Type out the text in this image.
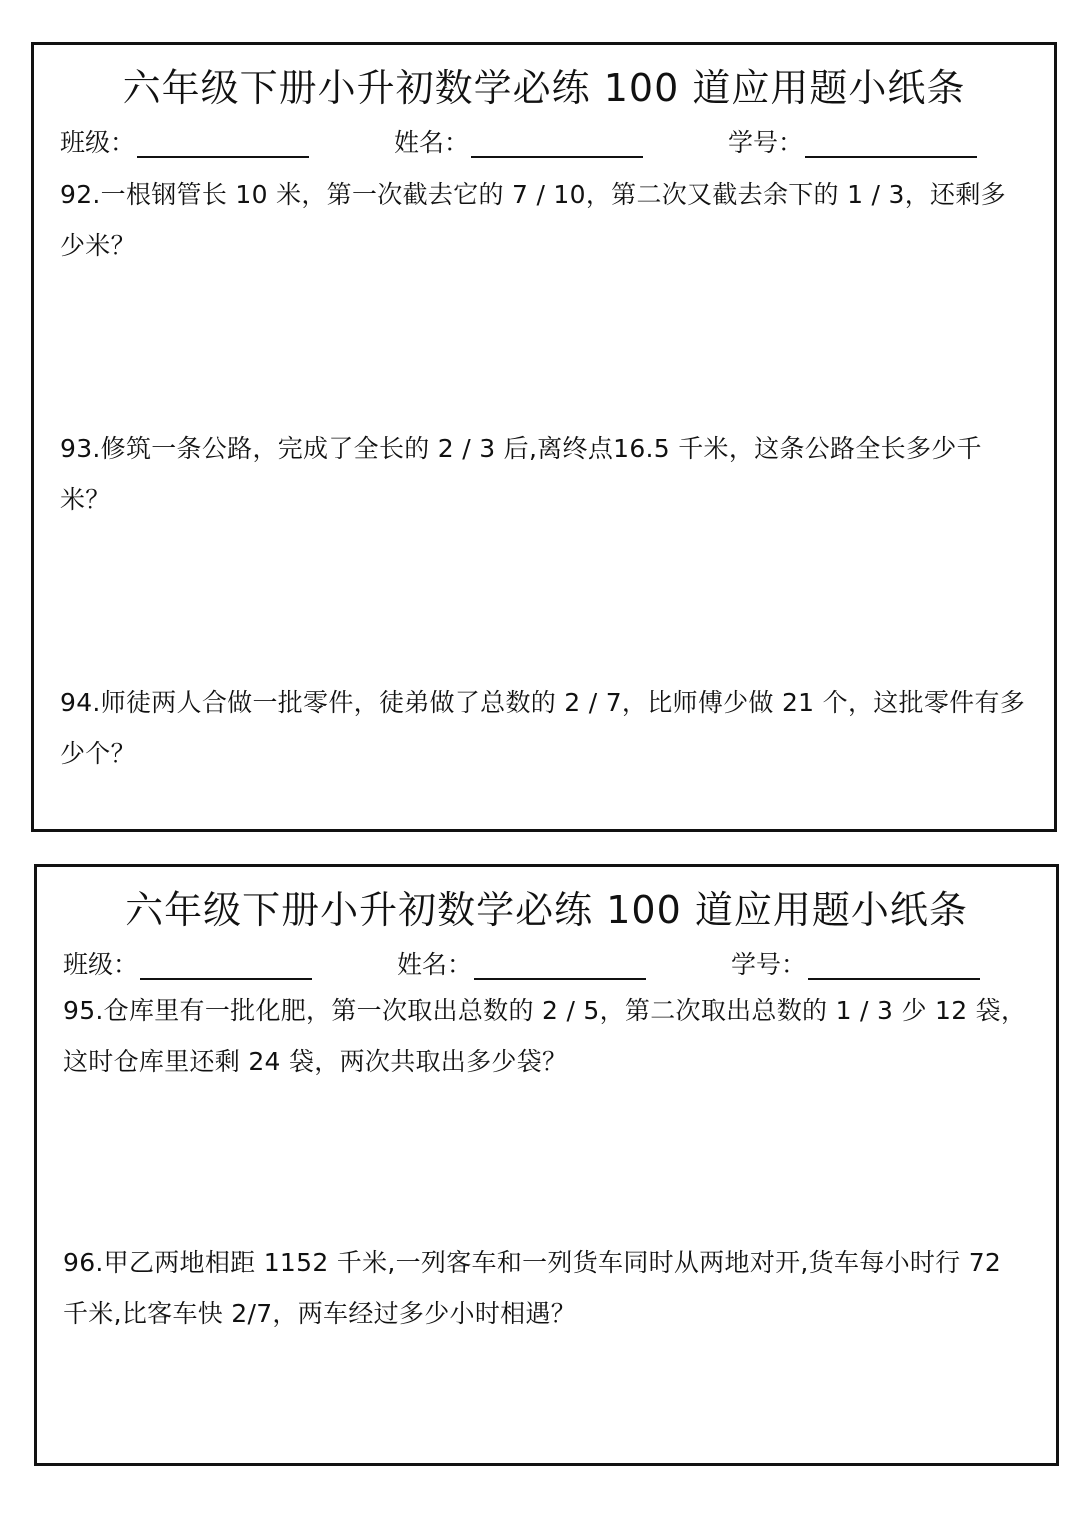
六年级下册小升初数学必练 100 道应用题小纸条
班级：	姓名：	学号：
92.一根钢管长 10 米，第一次截去它的 7 / 10，第二次又截去余下的 1 / 3，还剩多少米？
93.修筑一条公路，完成了全长的 2 / 3 后,离终点16.5 千米，这条公路全长多少千米？
94.师徒两人合做一批零件，徒弟做了总数的 2 / 7，比师傅少做 21 个，这批零件有多少个？
六年级下册小升初数学必练 100 道应用题小纸条
班级：	姓名：	学号：
95.仓库里有一批化肥，第一次取出总数的 2 / 5，第二次取出总数的 1 / 3 少 12 袋，这时仓库里还剩 24 袋，两次共取出多少袋？
96.甲乙两地相距 1152 千米,一列客车和一列货车同时从两地对开,货车每小时行 72 千米,比客车快 2/7，两车经过多少小时相遇？
